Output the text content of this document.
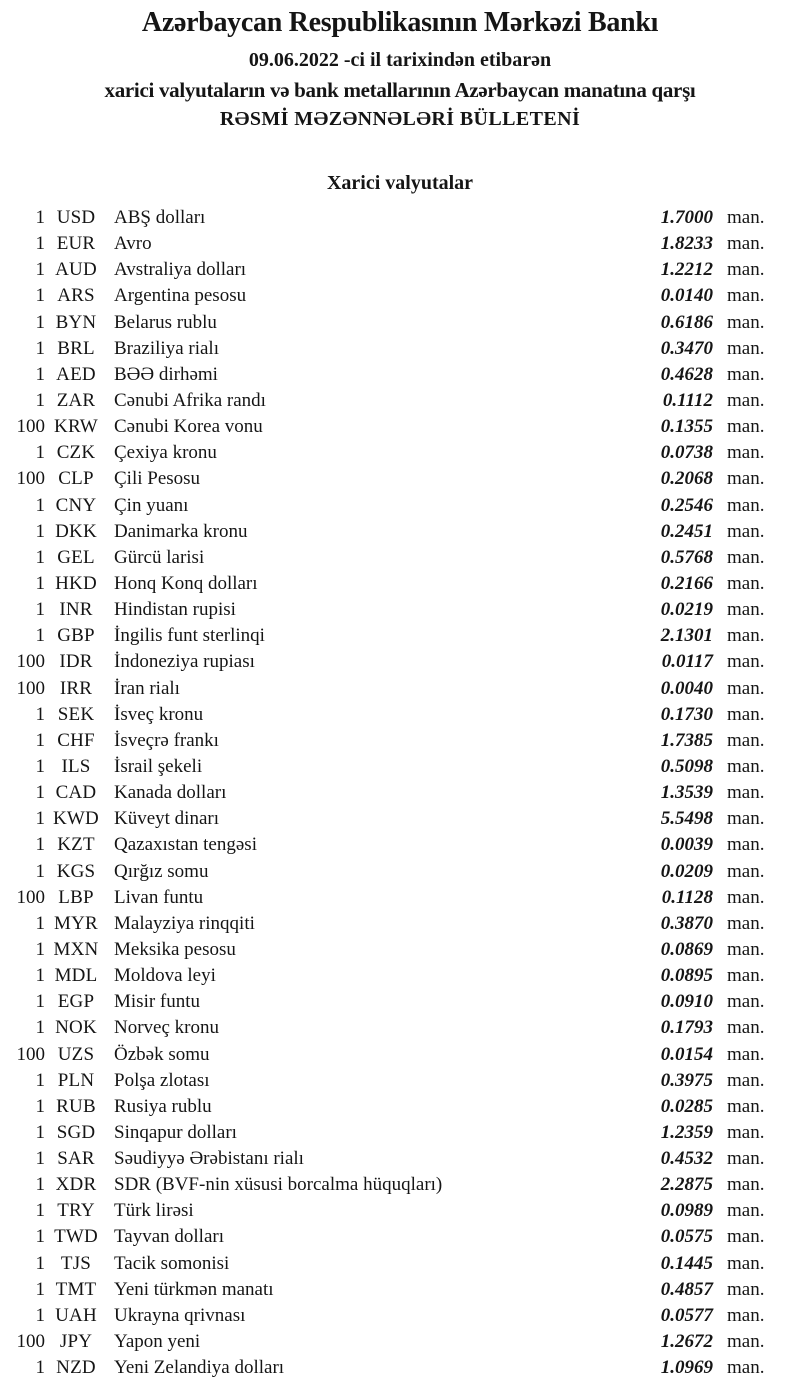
Azərbaycan Respublikasının Mərkəzi Bankı
09.06.2022 -ci il tarixindən etibarən
xarici valyutaların və bank metallarının Azərbaycan manatına qarşı
RƏSMİ MƏZƏNNƏLƏRİ BÜLLETENİ
Xarici valyutalar
1 USD ABŞ dolları	1.7000 man.
1 EUR Avro	1.8233 man.
1 AUD Avstraliya dolları	1.2212 man.
1 ARS	Argentina pesosu	0.0140 man.
1 BYN Belarus rublu	0.6186 man.
1 BRL	Braziliya rialı	0.3470 man.
1 AED BƏƏ dirhəmi	0.4628 man.
1 ZAR Cənubi Afrika randı	0.1112 man.
100 KRW Cənubi Korea vonu	0.1355 man.
1 CZK Çexiya kronu	0.0738 man.
100 CLP	Çili Pesosu	0.2068 man.
1 CNY Çin yuanı	0.2546 man.
1 DKK Danimarka kronu	0.2451 man.
1 GEL	Gürcü larisi	0.5768 man.
1 HKD Honq Konq dolları	0.2166 man.
1 INR	Hindistan rupisi	0.0219 man.
1 GBP	İngilis funt sterlinqi	2.1301 man.
100 IDR	İndoneziya rupiası	0.0117 man.
100 IRR	İran rialı	0.0040 man.
1 SEK	İsveç kronu	0.1730 man.
1 CHF	İsveçrə frankı	1.7385 man.
1 ILS	İsrail şekeli	0.5098 man.
1 CAD Kanada dolları	1.3539 man.
1 KWD Küveyt dinarı	5.5498 man.
1 KZT	Qazaxıstan tengəsi	0.0039 man.
1 KGS Qırğız somu	0.0209 man.
100 LBP	Livan funtu	0.1128 man.
1 MYR Malayziya rinqqiti	0.3870 man.
1 MXN Meksika pesosu	0.0869 man.
1 MDL Moldova leyi	0.0895 man.
1 EGP	Misir funtu	0.0910 man.
1 NOK Norveç kronu	0.1793 man.
100 UZS	Özbək somu	0.0154 man.
1 PLN	Polşa zlotası	0.3975 man.
1 RUB Rusiya rublu	0.0285 man.
1 SGD Sinqapur dolları	1.2359 man.
1 SAR	Səudiyyə Ərəbistanı rialı	0.4532 man.
1 XDR SDR (BVF-nin xüsusi borcalma hüquqları)	2.2875 man.
1 TRY	Türk lirəsi	0.0989 man.
1 TWD Tayvan dolları	0.0575 man.
1 TJS	Tacik somonisi	0.1445 man.
1 TMT Yeni türkmən manatı	0.4857 man.
1 UAH Ukrayna qrivnası	0.0577 man.
100 JPY	Yapon yeni	1.2672 man.
1 NZD Yeni Zelandiya dolları	1.0969 man.
